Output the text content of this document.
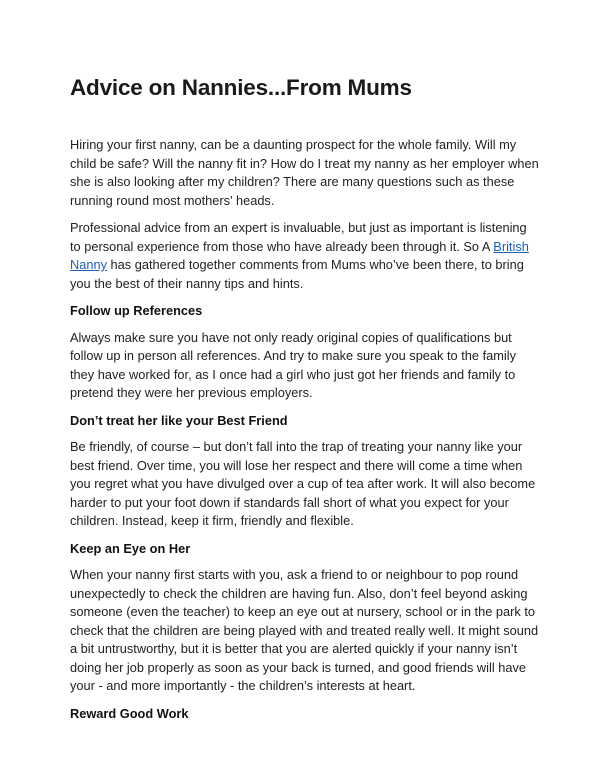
Advice on Nannies...From Mums

Hiring your first nanny, can be a daunting prospect for the whole family. Will my child be safe? Will the nanny fit in? How do I treat my nanny as her employer when she is also looking after my children? There are many questions such as these running round most mothers’ heads.

Professional advice from an expert is invaluable, but just as important is listening to personal experience from those who have already been through it. So A British Nanny has gathered together comments from Mums who’ve been there, to bring you the best of their nanny tips and hints.

Follow up References

Always make sure you have not only ready original copies of qualifications but follow up in person all references. And try to make sure you speak to the family they have worked for, as I once had a girl who just got her friends and family to pretend they were her previous employers.

Don’t treat her like your Best Friend

Be friendly, of course – but don’t fall into the trap of treating your nanny like your best friend. Over time, you will lose her respect and there will come a time when you regret what you have divulged over a cup of tea after work. It will also become harder to put your foot down if standards fall short of what you expect for your children. Instead, keep it firm, friendly and flexible.

Keep an Eye on Her

When your nanny first starts with you, ask a friend to or neighbour to pop round unexpectedly to check the children are having fun. Also, don’t feel beyond asking someone (even the teacher) to keep an eye out at nursery, school or in the park to check that the children are being played with and treated really well. It might sound a bit untrustworthy, but it is better that you are alerted quickly if your nanny isn’t doing her job properly as soon as your back is turned, and good friends will have your - and more importantly - the children’s interests at heart.

Reward Good Work
